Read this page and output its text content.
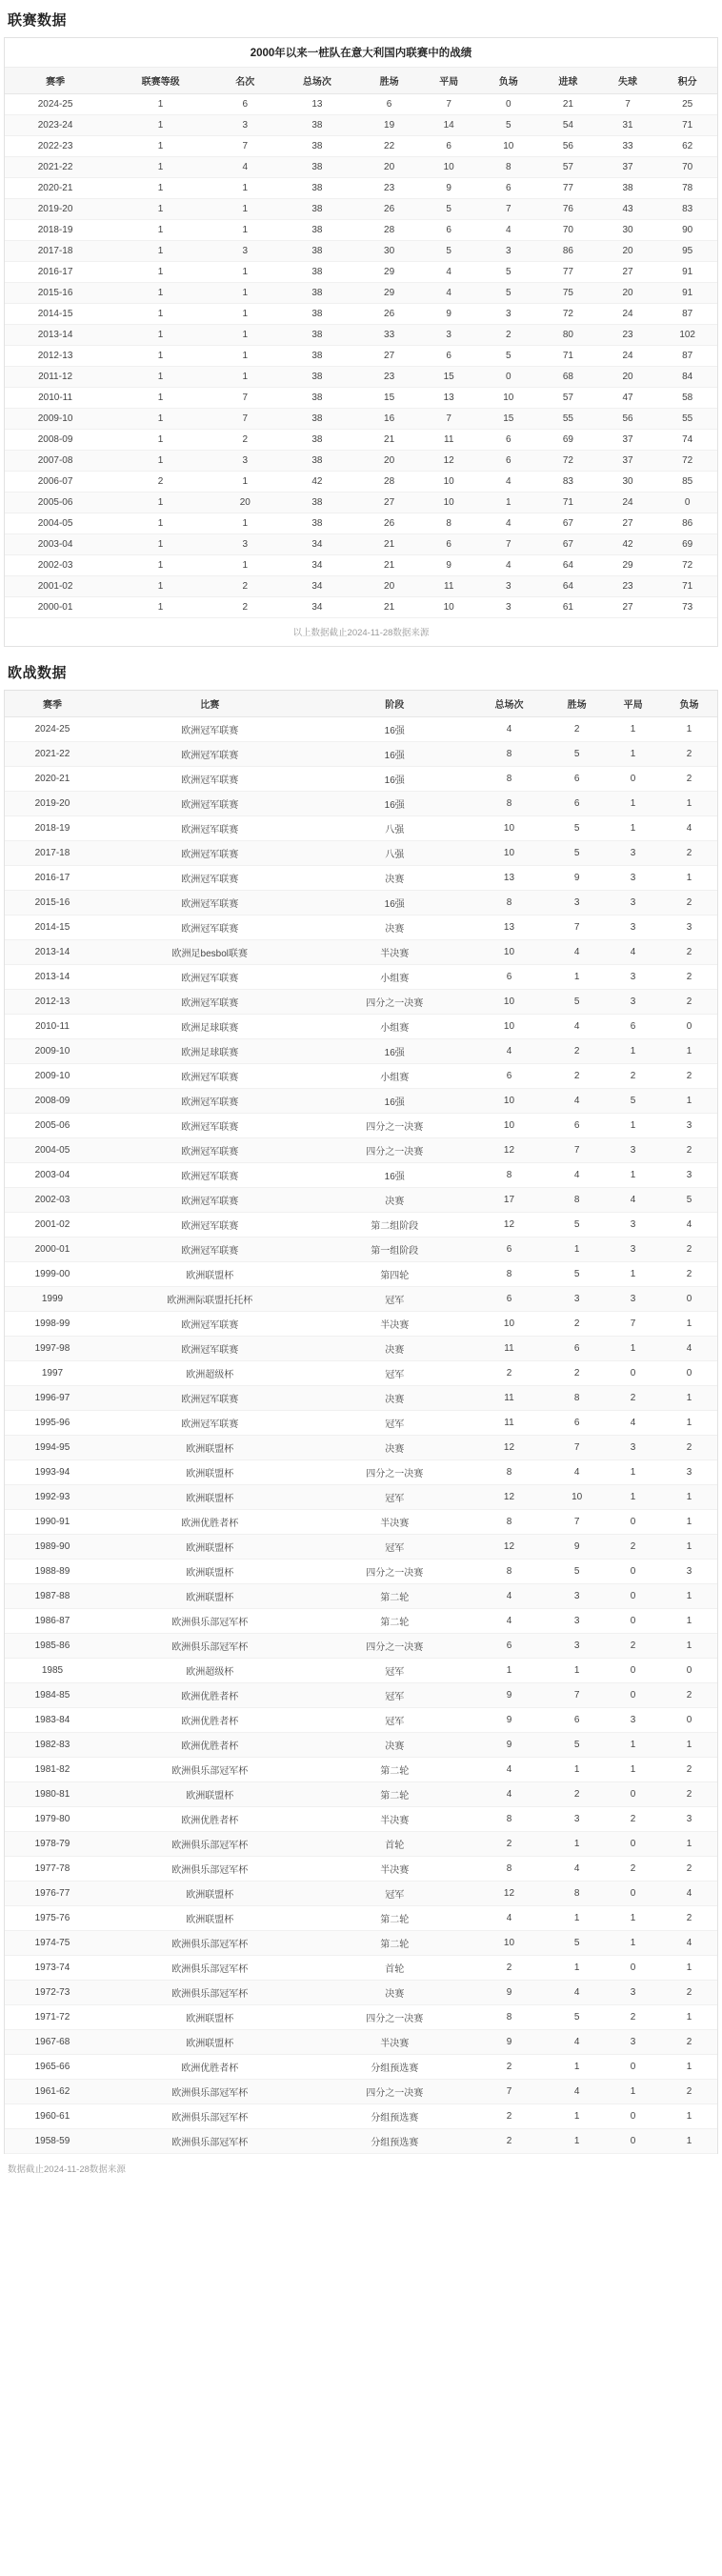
联赛数据
2000年以来一桩队在意大利国内联赛中的战绩
赛季	联赛等级	名次	总场次	胜场	平局	负场	进球	失球	积分
2024-25	1	6	13	6	7	0	21	7	25
2023-24	1	3	38	19	14	5	54	31	71
2022-23	1	7	38	22	6	10	56	33	62
2021-22	1	4	38	20	10	8	57	37	70
2020-21	1	1	38	23	9	6	77	38	78
2019-20	1	1	38	26	5	7	76	43	83
2018-19	1	1	38	28	6	4	70	30	90
2017-18	1	3	38	30	5	3	86	20	95
2016-17	1	1	38	29	4	5	77	27	91
2015-16	1	1	38	29	4	5	75	20	91
2014-15	1	1	38	26	9	3	72	24	87
2013-14	1	1	38	33	3	2	80	23	102
2012-13	1	1	38	27	6	5	71	24	87
2011-12	1	1	38	23	15	0	68	20	84
2010-11	1	7	38	15	13	10	57	47	58
2009-10	1	7	38	16	7	15	55	56	55
2008-09	1	2	38	21	11	6	69	37	74
2007-08	1	3	38	20	12	6	72	37	72
2006-07	2	1	42	28	10	4	83	30	85
2005-06	1	20	38	27	10	1	71	24	0
2004-05	1	1	38	26	8	4	67	27	86
2003-04	1	3	34	21	6	7	67	42	69
2002-03	1	1	34	21	9	4	64	29	72
2001-02	1	2	34	20	11	3	64	23	71
2000-01	1	2	34	21	10	3	61	27	73
以上数据截止2024-11-28数据来源
欧战数据
赛季	比赛	阶段	总场次	胜场	平局	负场
2024-25	欧洲冠军联赛	16强	4	2	1	1
2021-22	欧洲冠军联赛	16强	8	5	1	2
2020-21	欧洲冠军联赛	16强	8	6	0	2
2019-20	欧洲冠军联赛	16强	8	6	1	1
2018-19	欧洲冠军联赛	八强	10	5	1	4
2017-18	欧洲冠军联赛	八强	10	5	3	2
2016-17	欧洲冠军联赛	决赛	13	9	3	1
2015-16	欧洲冠军联赛	16强	8	3	3	2
2014-15	欧洲冠军联赛	决赛	13	7	3	3
2013-14	欧洲足besbol联赛	半决赛	10	4	4	2
2013-14	欧洲冠军联赛	小组赛	6	1	3	2
2012-13	欧洲冠军联赛	四分之一决赛	10	5	3	2
2010-11	欧洲足球联赛	小组赛	10	4	6	0
2009-10	欧洲足球联赛	16强	4	2	1	1
2009-10	欧洲冠军联赛	小组赛	6	2	2	2
2008-09	欧洲冠军联赛	16强	10	4	5	1
2005-06	欧洲冠军联赛	四分之一决赛	10	6	1	3
2004-05	欧洲冠军联赛	四分之一决赛	12	7	3	2
2003-04	欧洲冠军联赛	16强	8	4	1	3
2002-03	欧洲冠军联赛	决赛	17	8	4	5
2001-02	欧洲冠军联赛	第二组阶段	12	5	3	4
2000-01	欧洲冠军联赛	第一组阶段	6	1	3	2
1999-00	欧洲联盟杯	第四轮	8	5	1	2
1999	欧洲洲际联盟托托杯	冠军	6	3	3	0
1998-99	欧洲冠军联赛	半决赛	10	2	7	1
1997-98	欧洲冠军联赛	决赛	11	6	1	4
1997	欧洲超级杯	冠军	2	2	0	0
1996-97	欧洲冠军联赛	决赛	11	8	2	1
1995-96	欧洲冠军联赛	冠军	11	6	4	1
1994-95	欧洲联盟杯	决赛	12	7	3	2
1993-94	欧洲联盟杯	四分之一决赛	8	4	1	3
1992-93	欧洲联盟杯	冠军	12	10	1	1
1990-91	欧洲优胜者杯	半决赛	8	7	0	1
1989-90	欧洲联盟杯	冠军	12	9	2	1
1988-89	欧洲联盟杯	四分之一决赛	8	5	0	3
1987-88	欧洲联盟杯	第二轮	4	3	0	1
1986-87	欧洲俱乐部冠军杯	第二轮	4	3	0	1
1985-86	欧洲俱乐部冠军杯	四分之一决赛	6	3	2	1
1985	欧洲超级杯	冠军	1	1	0	0
1984-85	欧洲优胜者杯	冠军	9	7	0	2
1983-84	欧洲优胜者杯	冠军	9	6	3	0
1982-83	欧洲优胜者杯	决赛	9	5	1	1
1981-82	欧洲俱乐部冠军杯	第二轮	4	1	1	2
1980-81	欧洲联盟杯	第二轮	4	2	0	2
1979-80	欧洲优胜者杯	半决赛	8	3	2	3
1978-79	欧洲俱乐部冠军杯	首轮	2	1	0	1
1977-78	欧洲俱乐部冠军杯	半决赛	8	4	2	2
1976-77	欧洲联盟杯	冠军	12	8	0	4
1975-76	欧洲联盟杯	第二轮	4	1	1	2
1974-75	欧洲俱乐部冠军杯	第二轮	10	5	1	4
1973-74	欧洲俱乐部冠军杯	首轮	2	1	0	1
1972-73	欧洲俱乐部冠军杯	决赛	9	4	3	2
1971-72	欧洲联盟杯	四分之一决赛	8	5	2	1
1967-68	欧洲联盟杯	半决赛	9	4	3	2
1965-66	欧洲优胜者杯	分组预选赛	2	1	0	1
1961-62	欧洲俱乐部冠军杯	四分之一决赛	7	4	1	2
1960-61	欧洲俱乐部冠军杯	分组预选赛	2	1	0	1
1958-59	欧洲俱乐部冠军杯	分组预选赛	2	1	0	1
数据截止2024-11-28数据来源
